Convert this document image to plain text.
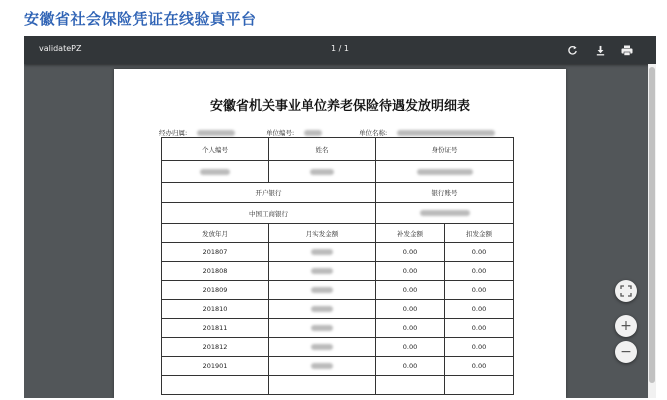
安徽省社会保险凭证在线验真平台
validatePZ	1 / 1
安徽省机关事业单位养老保险待遇发放明细表
经办归属:	单位编号:	单位名称:
个人编号	姓名	身份证号	

开户银行		银行账号	
中国工商银行			
发放年月	月实发金额	补发金额	扣发金额
201807		0.00	0.00
201808		0.00	0.00
201809		0.00	0.00
201810		0.00	0.00
201811		0.00	0.00
201812		0.00	0.00
201901		0.00	0.00

+
−
